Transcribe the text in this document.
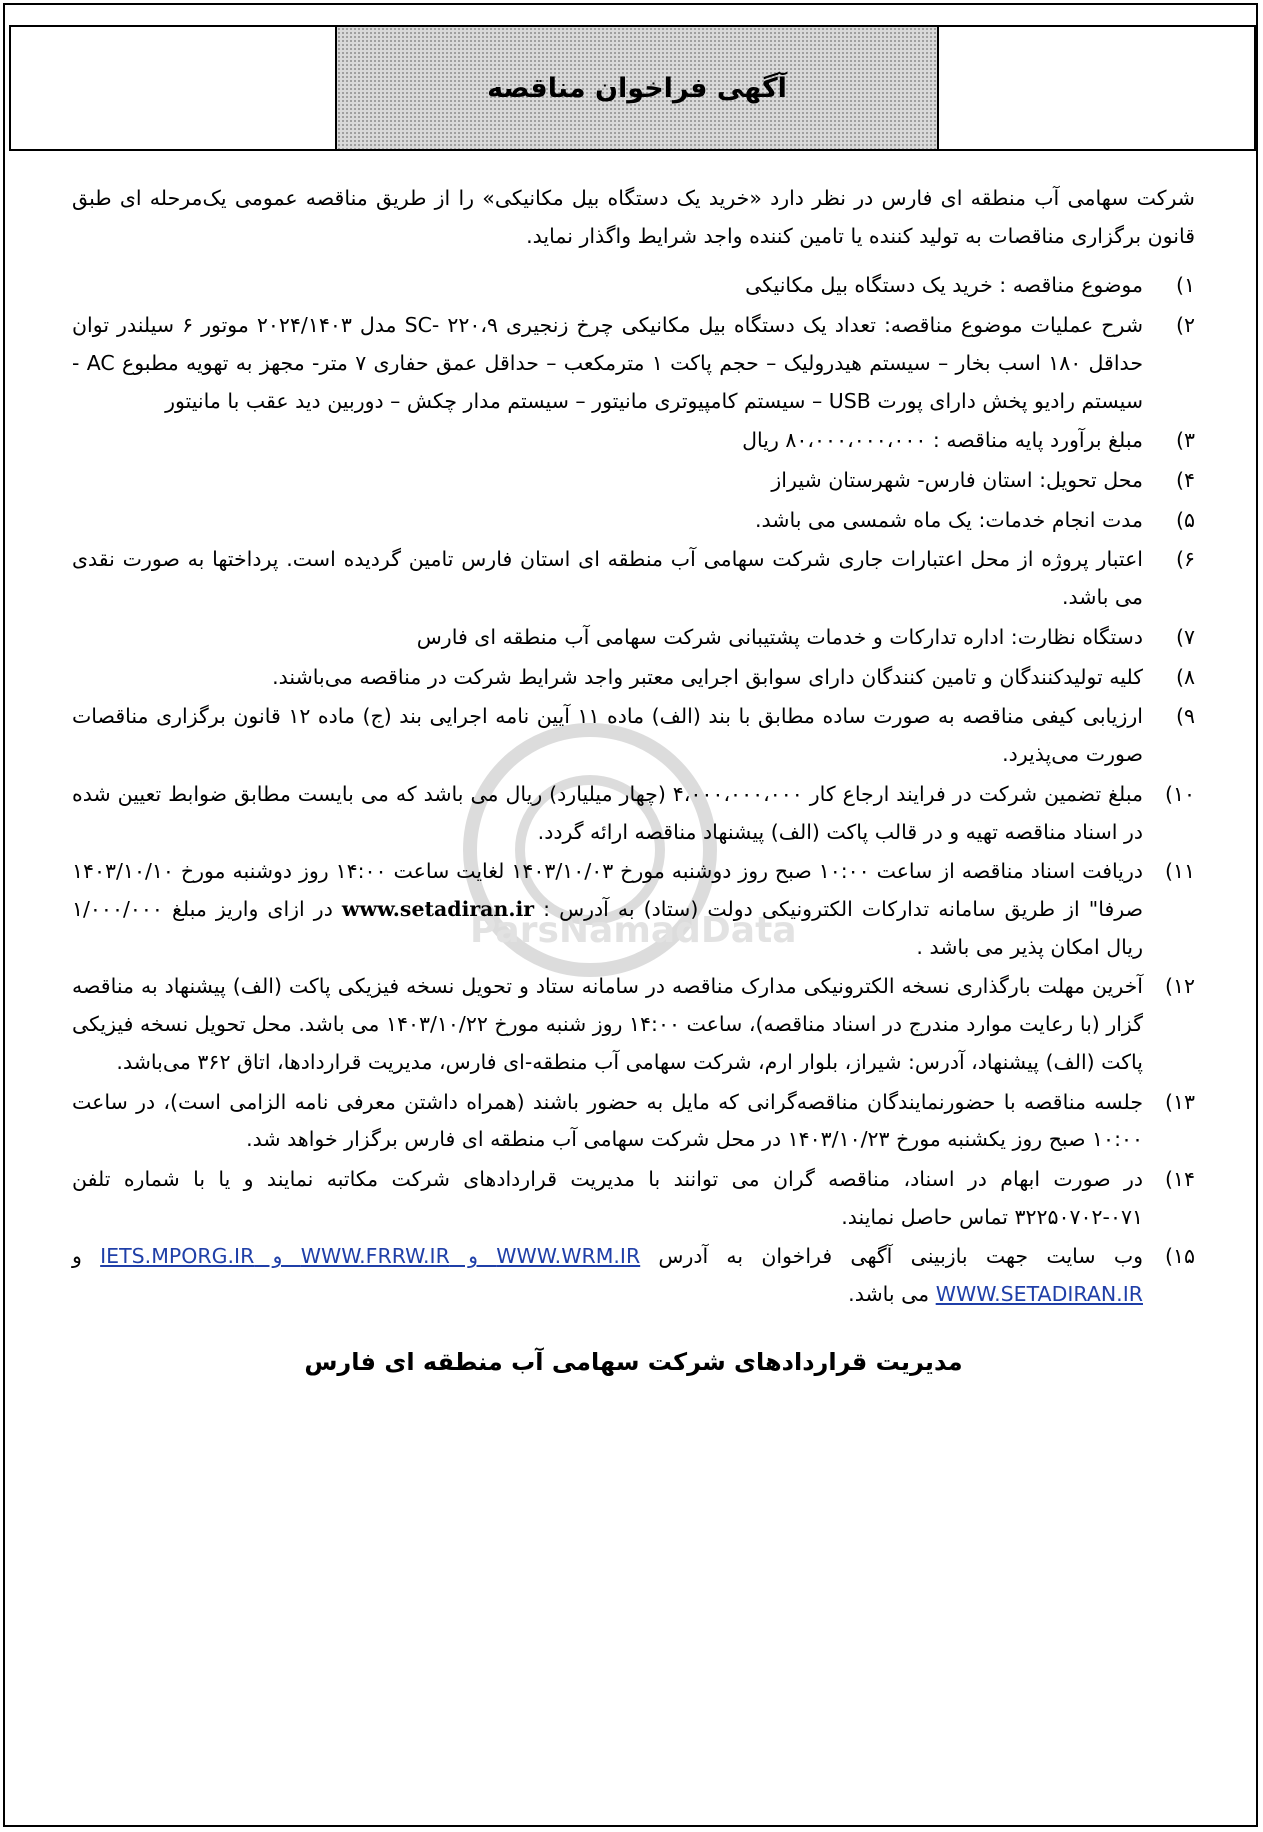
آگهی فراخوان مناقصه
ParsNamadData

شرکت سهامی آب منطقه ای فارس در نظر دارد «خرید یک دستگاه بیل مکانیکی» را از طریق مناقصه عمومی یک‌مرحله ای طبق قانون برگزاری مناقصات به تولید کننده یا تامین کننده واجد شرایط واگذار نماید.

۱)
موضوع مناقصه : خرید یک دستگاه بیل مکانیکی
۲)
شرح عملیات موضوع مناقصه: تعداد یک دستگاه بیل مکانیکی چرخ زنجیری ۲۲۰،۹ -SC مدل ۲۰۲۴/۱۴۰۳ موتور ۶ سیلندر توان حداقل ۱۸۰ اسب بخار – سیستم هیدرولیک – حجم پاکت ۱ مترمکعب – حداقل عمق حفاری ۷ متر- مجهز به تهویه مطبوع AC - سیستم رادیو پخش دارای پورت USB – سیستم کامپیوتری مانیتور – سیستم مدار چکش – دوربین دید عقب با مانیتور
۳)
مبلغ برآورد پایه مناقصه : ۸۰،۰۰۰،۰۰۰،۰۰۰ ریال
۴)
محل تحویل: استان فارس- شهرستان شیراز
۵)
مدت انجام خدمات: یک ماه شمسی می باشد.
۶)
اعتبار پروژه از محل اعتبارات جاری شرکت سهامی آب منطقه ای استان فارس تامین گردیده است. پرداختها به صورت نقدی می باشد.
۷)
دستگاه نظارت: اداره تدارکات و خدمات پشتیبانی شرکت سهامی آب منطقه ای فارس
۸)
کلیه تولیدکنندگان و تامین کنندگان دارای سوابق اجرایی معتبر واجد شرایط شرکت در مناقصه می‌باشند.
۹)
ارزیابی کیفی مناقصه به صورت ساده مطابق با بند (الف) ماده ۱۱ آیین نامه اجرایی بند (ج) ماده ۱۲ قانون برگزاری مناقصات صورت می‌پذیرد.
۱۰)
مبلغ تضمین شرکت در فرایند ارجاع کار ۴،۰۰۰،۰۰۰،۰۰۰ (چهار میلیارد) ریال می باشد که می بایست مطابق ضوابط تعیین شده در اسناد مناقصه تهیه و در قالب پاکت (الف) پیشنهاد مناقصه ارائه گردد.
۱۱)
دریافت اسناد مناقصه از ساعت ۱۰:۰۰ صبح روز دوشنبه مورخ ۱۴۰۳/۱۰/۰۳ لغایت ساعت ۱۴:۰۰ روز دوشنبه مورخ ۱۴۰۳/۱۰/۱۰ صرفا" از طریق سامانه تدارکات الکترونیکی دولت (ستاد) به آدرس : www.setadiran.ir در ازای واریز مبلغ ۱/۰۰۰/۰۰۰ ریال امکان پذیر می باشد .
۱۲)
آخرین مهلت بارگذاری نسخه الکترونیکی مدارک مناقصه در سامانه ستاد و تحویل نسخه فیزیکی پاکت (الف) پیشنهاد به مناقصه گزار (با رعایت موارد مندرج در اسناد مناقصه)، ساعت ۱۴:۰۰ روز شنبه مورخ ۱۴۰۳/۱۰/۲۲ می باشد. محل تحویل نسخه فیزیکی پاکت (الف) پیشنهاد، آدرس: شیراز، بلوار ارم، شرکت سهامی آب منطقه-ای فارس، مدیریت قراردادها، اتاق ۳۶۲ می‌باشد.
۱۳)
جلسه مناقصه با حضورنمایندگان مناقصه‌گرانی که مایل به حضور باشند (همراه داشتن معرفی نامه الزامی است)، در ساعت ۱۰:۰۰ صبح روز یکشنبه مورخ ۱۴۰۳/۱۰/۲۳ در محل شرکت سهامی آب منطقه ای فارس برگزار خواهد شد.
۱۴)
در صورت ابهام در اسناد، مناقصه گران می توانند با مدیریت قراردادهای شرکت مکاتبه نمایند و یا با شماره تلفن ۰۷۱-۳۲۲۵۰۷۰۲ تماس حاصل نمایند.
۱۵)
وب سایت جهت بازبینی آگهی فراخوان به آدرس WWW.WRM.IR و WWW.FRRW.IR و IETS.MPORG.IR و WWW.SETADIRAN.IR می باشد.
مدیریت قراردادهای شرکت سهامی آب منطقه ای فارس
